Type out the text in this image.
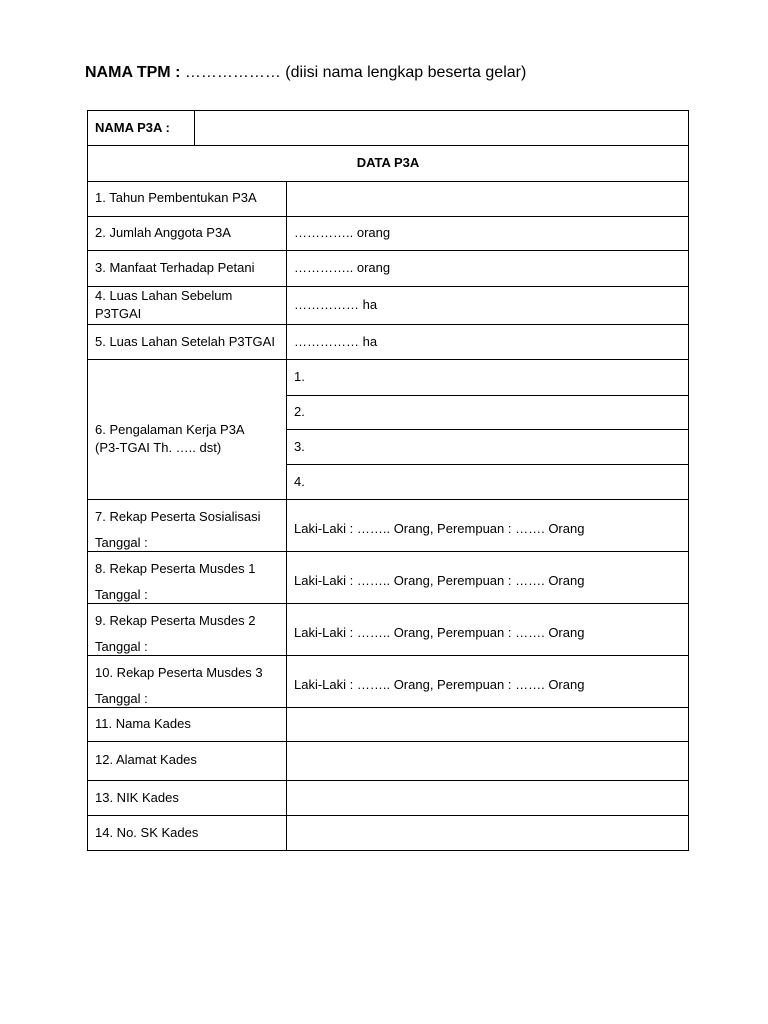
NAMA TPM : ……………… (diisi nama lengkap beserta gelar)
NAMA P3A :
DATA P3A
1. Tahun Pembentukan P3A
2. Jumlah Anggota P3A	………….. orang
3. Manfaat Terhadap Petani	………….. orang
4. Luas Lahan Sebelum P3TGAI
…………… ha
5. Luas Lahan Setelah P3TGAI …………… ha
6. Pengalaman Kerja P3A (P3-TGAI Th. ….. dst)
1.
2.
3.
4.
7. Rekap Peserta Sosialisasi
Tanggal :
Laki-Laki : …….. Orang, Perempuan : ……. Orang
8. Rekap Peserta Musdes 1
Tanggal :
Laki-Laki : …….. Orang, Perempuan : ……. Orang
9. Rekap Peserta Musdes 2
Tanggal :
Laki-Laki : …….. Orang, Perempuan : ……. Orang
10. Rekap Peserta Musdes 3
Tanggal :
Laki-Laki : …….. Orang, Perempuan : ……. Orang
11. Nama Kades
12. Alamat Kades
13. NIK Kades
14. No. SK Kades
